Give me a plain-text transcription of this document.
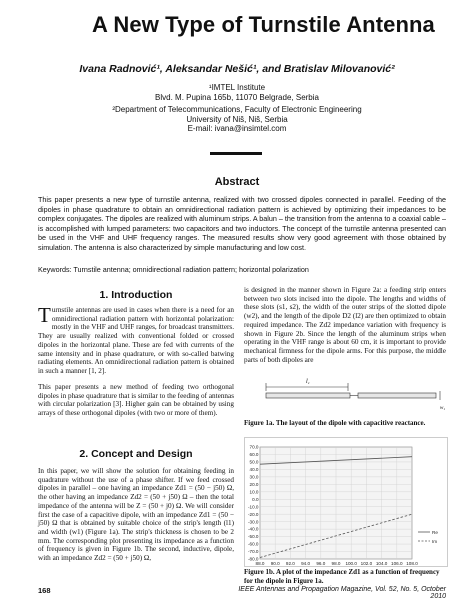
A New Type of Turnstile Antenna
Ivana Radnović¹, Aleksandar Nešić¹, and Bratislav Milovanović²
¹IMTEL Institute
Blvd. M. Pupina 165b, 11070 Belgrade, Serbia
²Department of Telecommunications, Faculty of Electronic Engineering
University of Niš, Niš, Serbia
E-mail: ivana@insimtel.com
Abstract
This paper presents a new type of turnstile antenna, realized with two crossed dipoles connected in parallel. Feeding of the dipoles in phase quadrature to obtain an omnidirectional radiation pattern is achieved by optimizing their impedances to be complex conjugates. The dipoles are realized with aluminum strips. A balun – the transition from the antenna to a coaxial cable – is accomplished with lumped parameters: two capacitors and two inductors. The concept of the turnstile antenna presented can be used in the VHF and UHF frequency ranges. The measured results show very good agreement with those obtained by simulation. The antenna is also characterized by simple manufacturing and low cost.
Keywords: Turnstile antenna; omnidirectional radiation pattern; horizontal polarization
1. Introduction
Turnstile antennas are used in cases when there is a need for an omnidirectional radiation pattern with horizontal polarization: mostly in the VHF and UHF ranges, for broadcast transmitters. They are usually realized with conventional folded or crossed dipoles in the horizontal plane. These are fed with currents of the same intensity and in phase quadrature, or with so-called batwing radiating elements. An omnidirectional radiation pattern is obtained in such a manner [1, 2].
This paper presents a new method of feeding two orthogonal dipoles in phase quadrature that is similar to the feeding of antennas with circular polarization [3]. Higher gain can be obtained by using arrays of these orthogonal dipoles (with two or more of them).
2. Concept and Design
In this paper, we will show the solution for obtaining feeding in quadrature without the use of a phase shifter. If we feed crossed dipoles in parallel – one having an impedance Zd1 = (50 − j50) Ω, the other having an impedance Zd2 = (50 + j50) Ω – then the total impedance of the antenna will be Z = (50 + j0) Ω. We will consider first the case of a capacitive dipole, with an impedance Zd1 = (50 − j50) Ω that is obtained by suitable choice of the strip's length (l1) and width (w1) (Figure 1a). The strip's thickness is chosen to be 2 mm. The corresponding plot presenting its impedance as a function of frequency is given in Figure 1b. The second, inductive, dipole, with an impedance Zd2 = (50 + j50) Ω,
is designed in the manner shown in Figure 2a: a feeding strip enters between two slots incised into the dipole. The lengths and widths of these slots (s1, s2), the width of the outer strips of the slotted dipole (w2), and the length of the dipole D2 (l2) are then optimized to obtain required impedance. The Zd2 impedance variation with frequency is shown in Figure 2b. Since the length of the aluminum strips when operating in the VHF range is about 60 cm, it is important to provide mechanical firmness for the dipole arms. For this purpose, the middle parts of both dipoles are
l₁
w₁
Figure 1a. The layout of the dipole with capacitive reactance.
70.0
60.0
50.0
40.0
30.0
20.0
10.0
0.0
-10.0
-20.0
-30.0
-40.0
-50.0
-60.0
-70.0
-80.0
88.0 90.0 92.0 94.0 96.0 98.0 100.0 102.0 104.0 106.0 108.0
Re
Im
Figure 1b. A plot of the impedance Zd1 as a function of frequency for the dipole in Figure 1a.
168	IEEE Antennas and Propagation Magazine, Vol. 52, No. 5, October 2010
